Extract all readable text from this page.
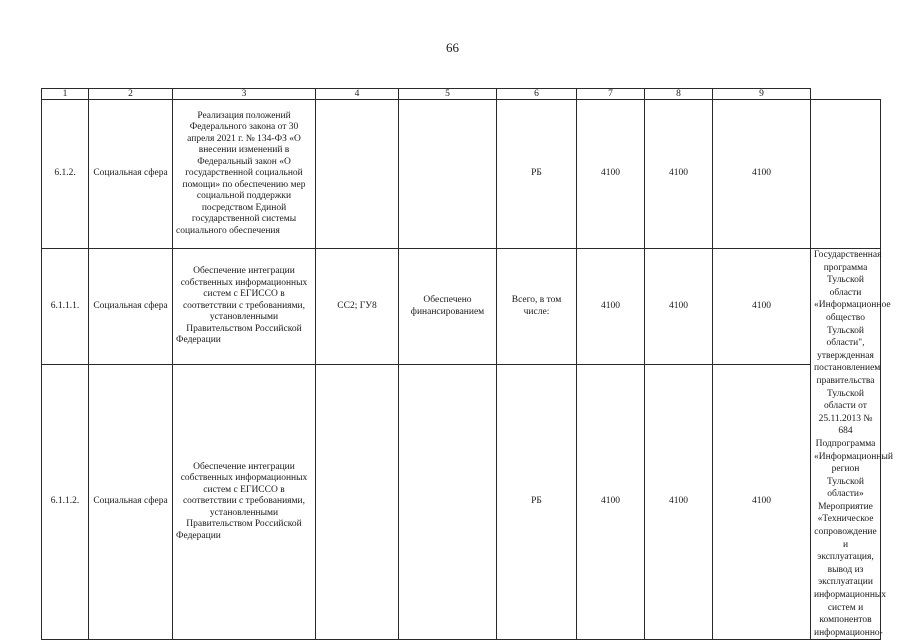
66
1	2	3	4	5	6	7	8	9	
6.1.2.	Социальная сфера	Реализация положений Федерального закона от 30 апреля 2021 г. № 134-ФЗ «О внесении изменений в Федеральный закон «О государственной социальной помощи» по обеспечению мер социальной поддержки посредством Единой государственной системы социального обеспечения			РБ	4100	4100	4100	
6.1.1.1.	Социальная сфера	Обеспечение интеграции собственных информационных систем с ЕГИССО в соответствии с требованиями, установленными Правительством Российской Федерации	СС2; ГУ8	Обеспечено финансированием	Всего, в том числе:	4100	4100	4100	Государственная программа Тульской области «Информационное общество Тульской области", утвержденная постановлением правительства Тульской области от 25.11.2013 № 684 Подпрограмма «Информационный регион Тульской области» Мероприятие «Техническое сопровождение и эксплуатация, вывод из эксплуатации информационных систем и компонентов информационно-
6.1.1.2.	Социальная сфера	Обеспечение интеграции собственных информационных систем с ЕГИССО в соответствии с требованиями, установленными Правительством Российской Федерации			РБ	4100	4100	4100	
